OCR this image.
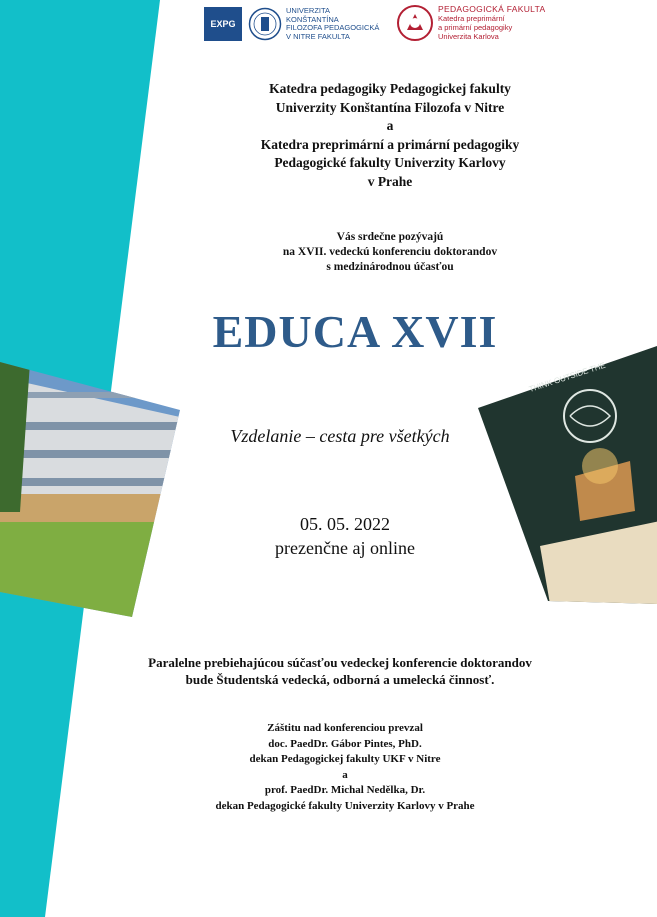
EXPG
UNIVERZITA
KONŠTANTÍNA
FILOZOFA PEDAGOGICKÁ
V NITRE FAKULTA
PEDAGOGICKÁ FAKULTA
Katedra preprimární
a primární pedagogiky
Univerzita Karlova
Katedra pedagogiky Pedagogickej fakulty
Univerzity Konštantína Filozofa v Nitre
a
Katedra preprimární a primární pedagogiky
Pedagogické fakulty Univerzity Karlovy
v Prahe
Vás srdečne pozývajú
na XVII. vedeckú konferenciu doktorandov
s medzinárodnou účasťou
EDUCA XVII
THINK OUTSIDE THE
Vzdelanie – cesta pre všetkých
05. 05. 2022
prezenčne aj online
Paralelne prebiehajúcou súčasťou vedeckej konferencie doktorandov
bude Študentská vedecká, odborná a umelecká činnosť.
Záštitu nad konferenciou prevzal
doc. PaedDr. Gábor Pintes, PhD.
dekan Pedagogickej fakulty UKF v Nitre
a
prof. PaedDr. Michal Nedělka, Dr.
dekan Pedagogické fakulty Univerzity Karlovy v Prahe
